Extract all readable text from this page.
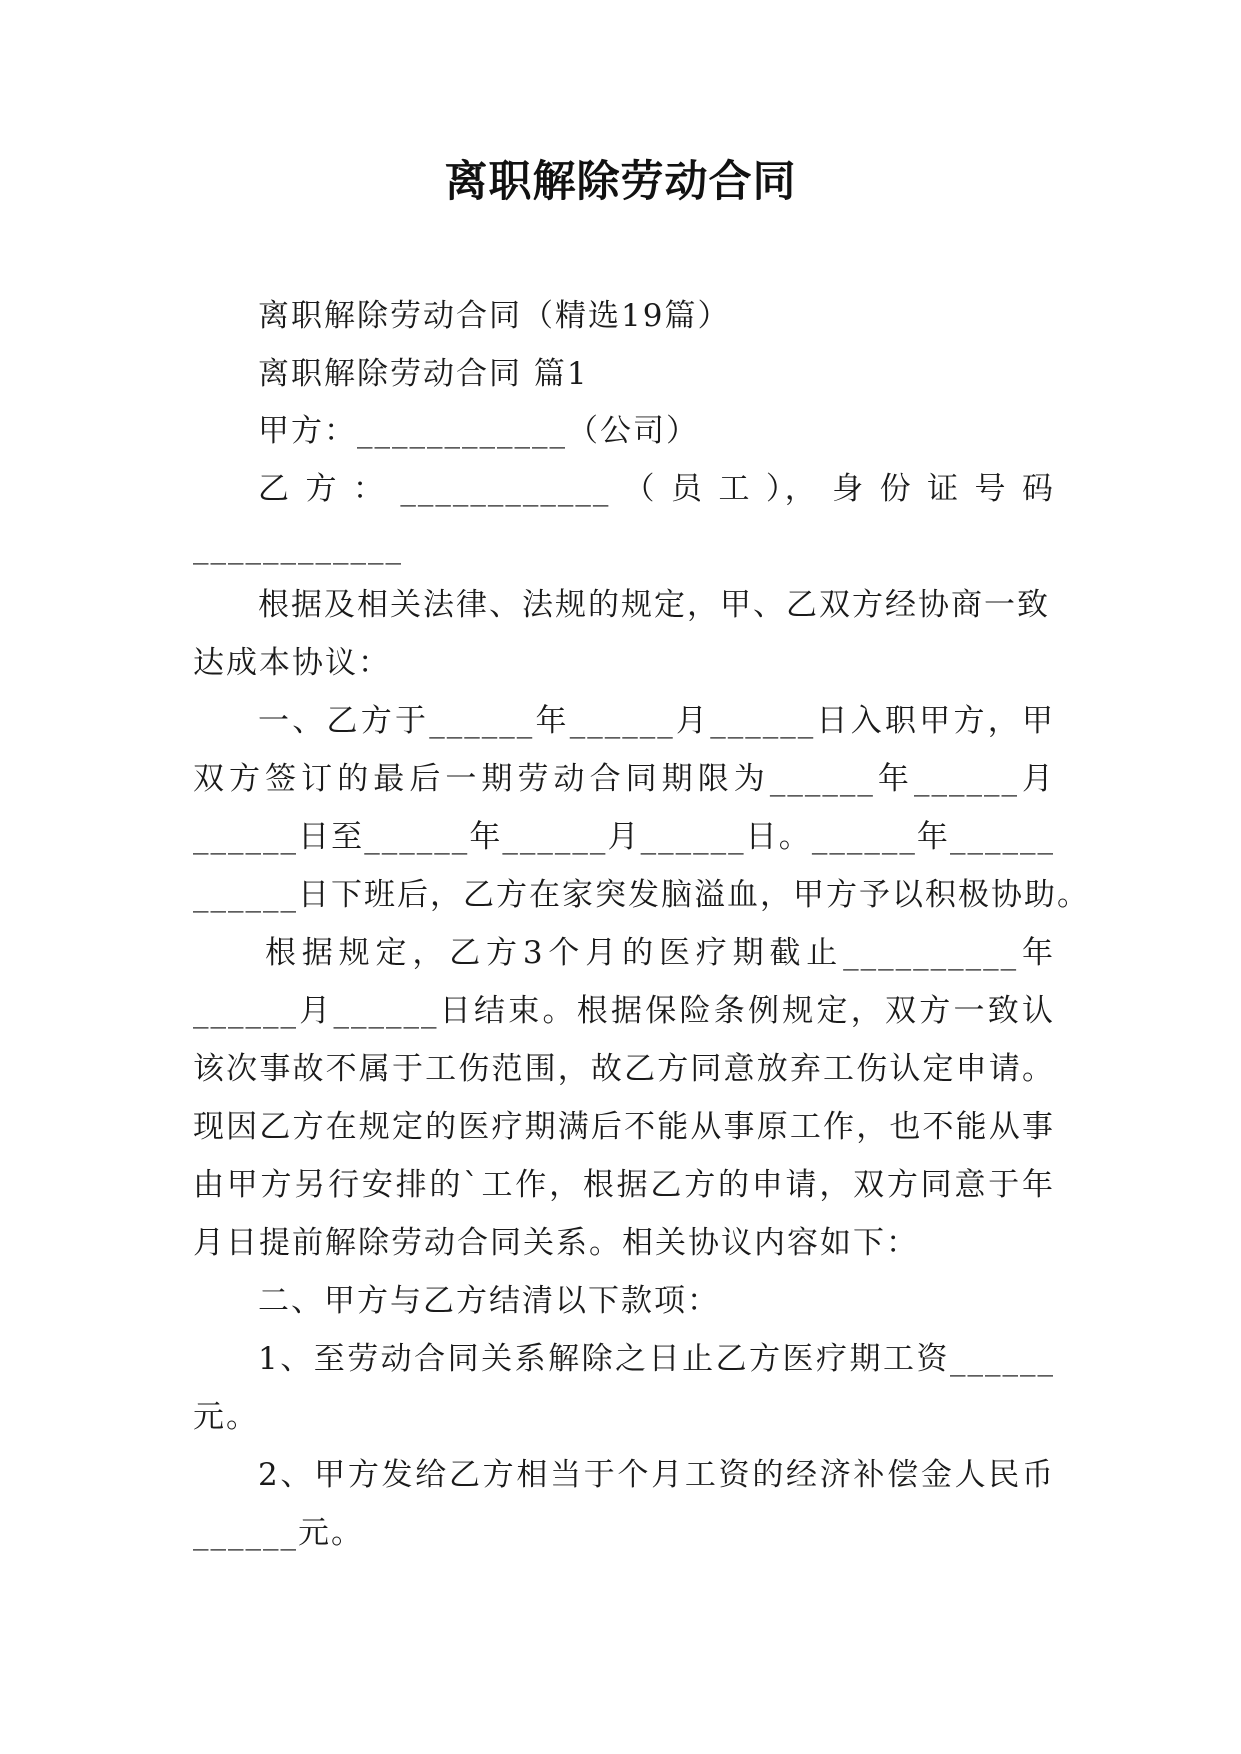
离职解除劳动合同
离职解除劳动合同（精选19篇）
离职解除劳动合同 篇1
甲方：____________（公司）
乙 方 ： ____________ （ 员 工 ）， 身 份 证 号 码
____________
根据及相关法律、法规的规定，甲、乙双方经协商一致
达成本协议：
一、乙方于______年______月______日入职甲方，甲
双方签订的最后一期劳动合同期限为______年______月
______日至______年______月______日。______年______
______日下班后，乙方在家突发脑溢血，甲方予以积极协助。
根据规定，乙方3个月的医疗期截止__________年
______月______日结束。根据保险条例规定，双方一致认
该次事故不属于工伤范围，故乙方同意放弃工伤认定申请。
现因乙方在规定的医疗期满后不能从事原工作，也不能从事
由甲方另行安排的`工作，根据乙方的申请，双方同意于年
月日提前解除劳动合同关系。相关协议内容如下：
二、甲方与乙方结清以下款项：
1、至劳动合同关系解除之日止乙方医疗期工资______
元。
2、甲方发给乙方相当于个月工资的经济补偿金人民币
______元。
